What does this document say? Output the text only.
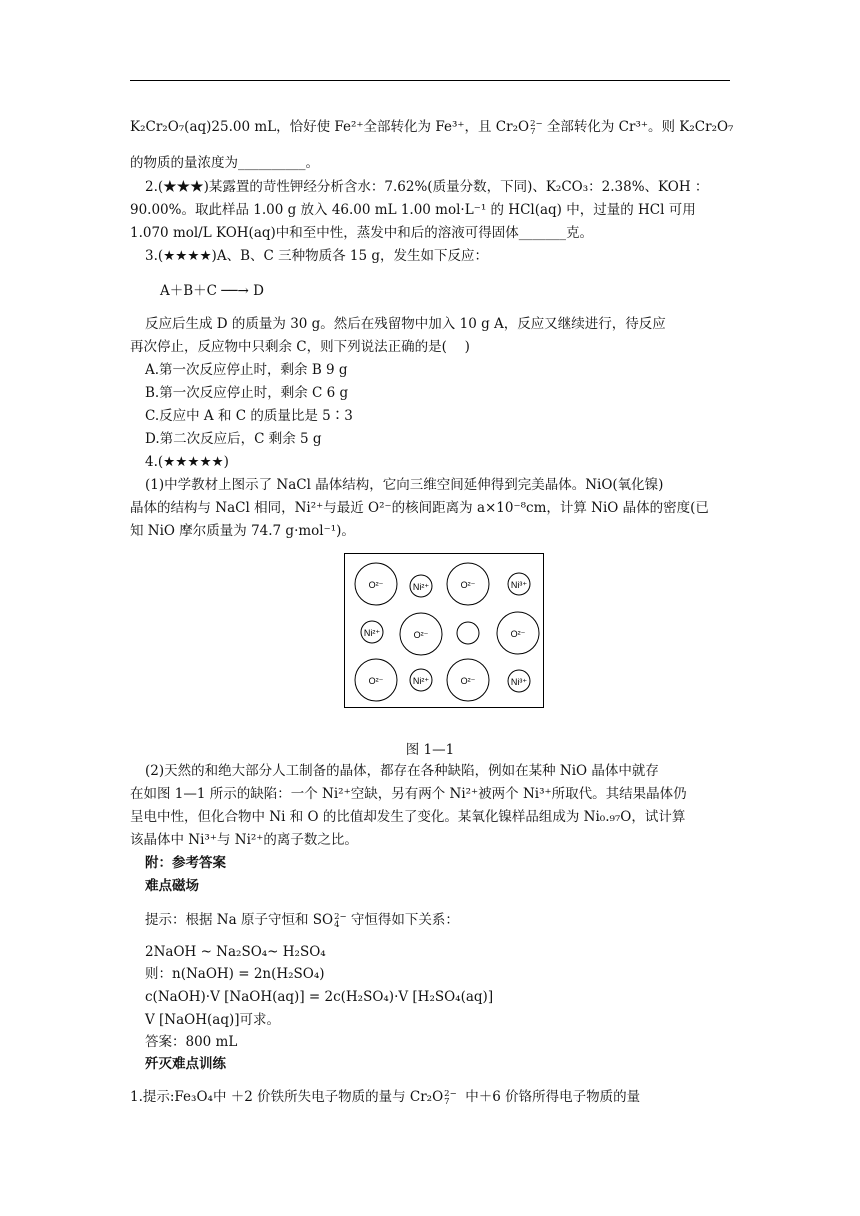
K₂Cr₂O₇(aq)25.00 mL，恰好使 Fe²⁺全部转化为 Fe³⁺，且 Cr₂O 2−
7 全部转化为 Cr³⁺。则 K₂Cr₂O₇
的物质的量浓度为__________。
2.(★★★)某露置的苛性钾经分析含水：7.62%(质量分数，下同)、K₂CO₃：2.38%、KOH ：
90.00%。取此样品 1.00 g 放入 46.00 mL 1.00 mol·L⁻¹ 的 HCl(aq) 中，过量的 HCl 可用
1.070 mol/L KOH(aq)中和至中性，蒸发中和后的溶液可得固体_______克。
3.(★★★★)A、B、C 三种物质各 15 g，发生如下反应：
A＋B＋C ──→ D
反应后生成 D 的质量为 30 g。然后在残留物中加入 10 g A，反应又继续进行，待反应
再次停止，反应物中只剩余 C，则下列说法正确的是(　 )
A.第一次反应停止时，剩余 B 9 g
B.第一次反应停止时，剩余 C 6 g
C.反应中 A 和 C 的质量比是 5∶3
D.第二次反应后，C 剩余 5 g
4.(★★★★★)
(1)中学教材上图示了 NaCl 晶体结构，它向三维空间延伸得到完美晶体。NiO(氧化镍)
晶体的结构与 NaCl 相同，Ni²⁺与最近 O²⁻的核间距离为 a×10⁻⁸cm，计算 NiO 晶体的密度(已
知 NiO 摩尔质量为 74.7 g·mol⁻¹)。
O²⁻	Ni²⁺	O²⁻	Ni³⁺
Ni²⁺	O²⁻	O²⁻
O²⁻	Ni²⁺	O²⁻	Ni³⁺
图 1—1
(2)天然的和绝大部分人工制备的晶体，都存在各种缺陷，例如在某种 NiO 晶体中就存
在如图 1—1 所示的缺陷：一个 Ni²⁺空缺，另有两个 Ni²⁺被两个 Ni³⁺所取代。其结果晶体仍
呈电中性，但化合物中 Ni 和 O 的比值却发生了变化。某氧化镍样品组成为 Ni₀.₉₇O，试计算
该晶体中 Ni³⁺与 Ni²⁺的离子数之比。
附：参考答案
难点磁场
提示：根据 Na 原子守恒和 SO 2−
4 守恒得如下关系：
2NaOH ~ Na₂SO₄~ H₂SO₄
则：n(NaOH) = 2n(H₂SO₄)
c(NaOH)·V [NaOH(aq)] = 2c(H₂SO₄)·V [H₂SO₄(aq)]
V [NaOH(aq)]可求。
答案：800 mL
歼灭难点训练
1.提示:Fe₃O₄中 ＋2 价铁所失电子物质的量与 Cr₂O 2−
7	中＋6 价铬所得电子物质的量
